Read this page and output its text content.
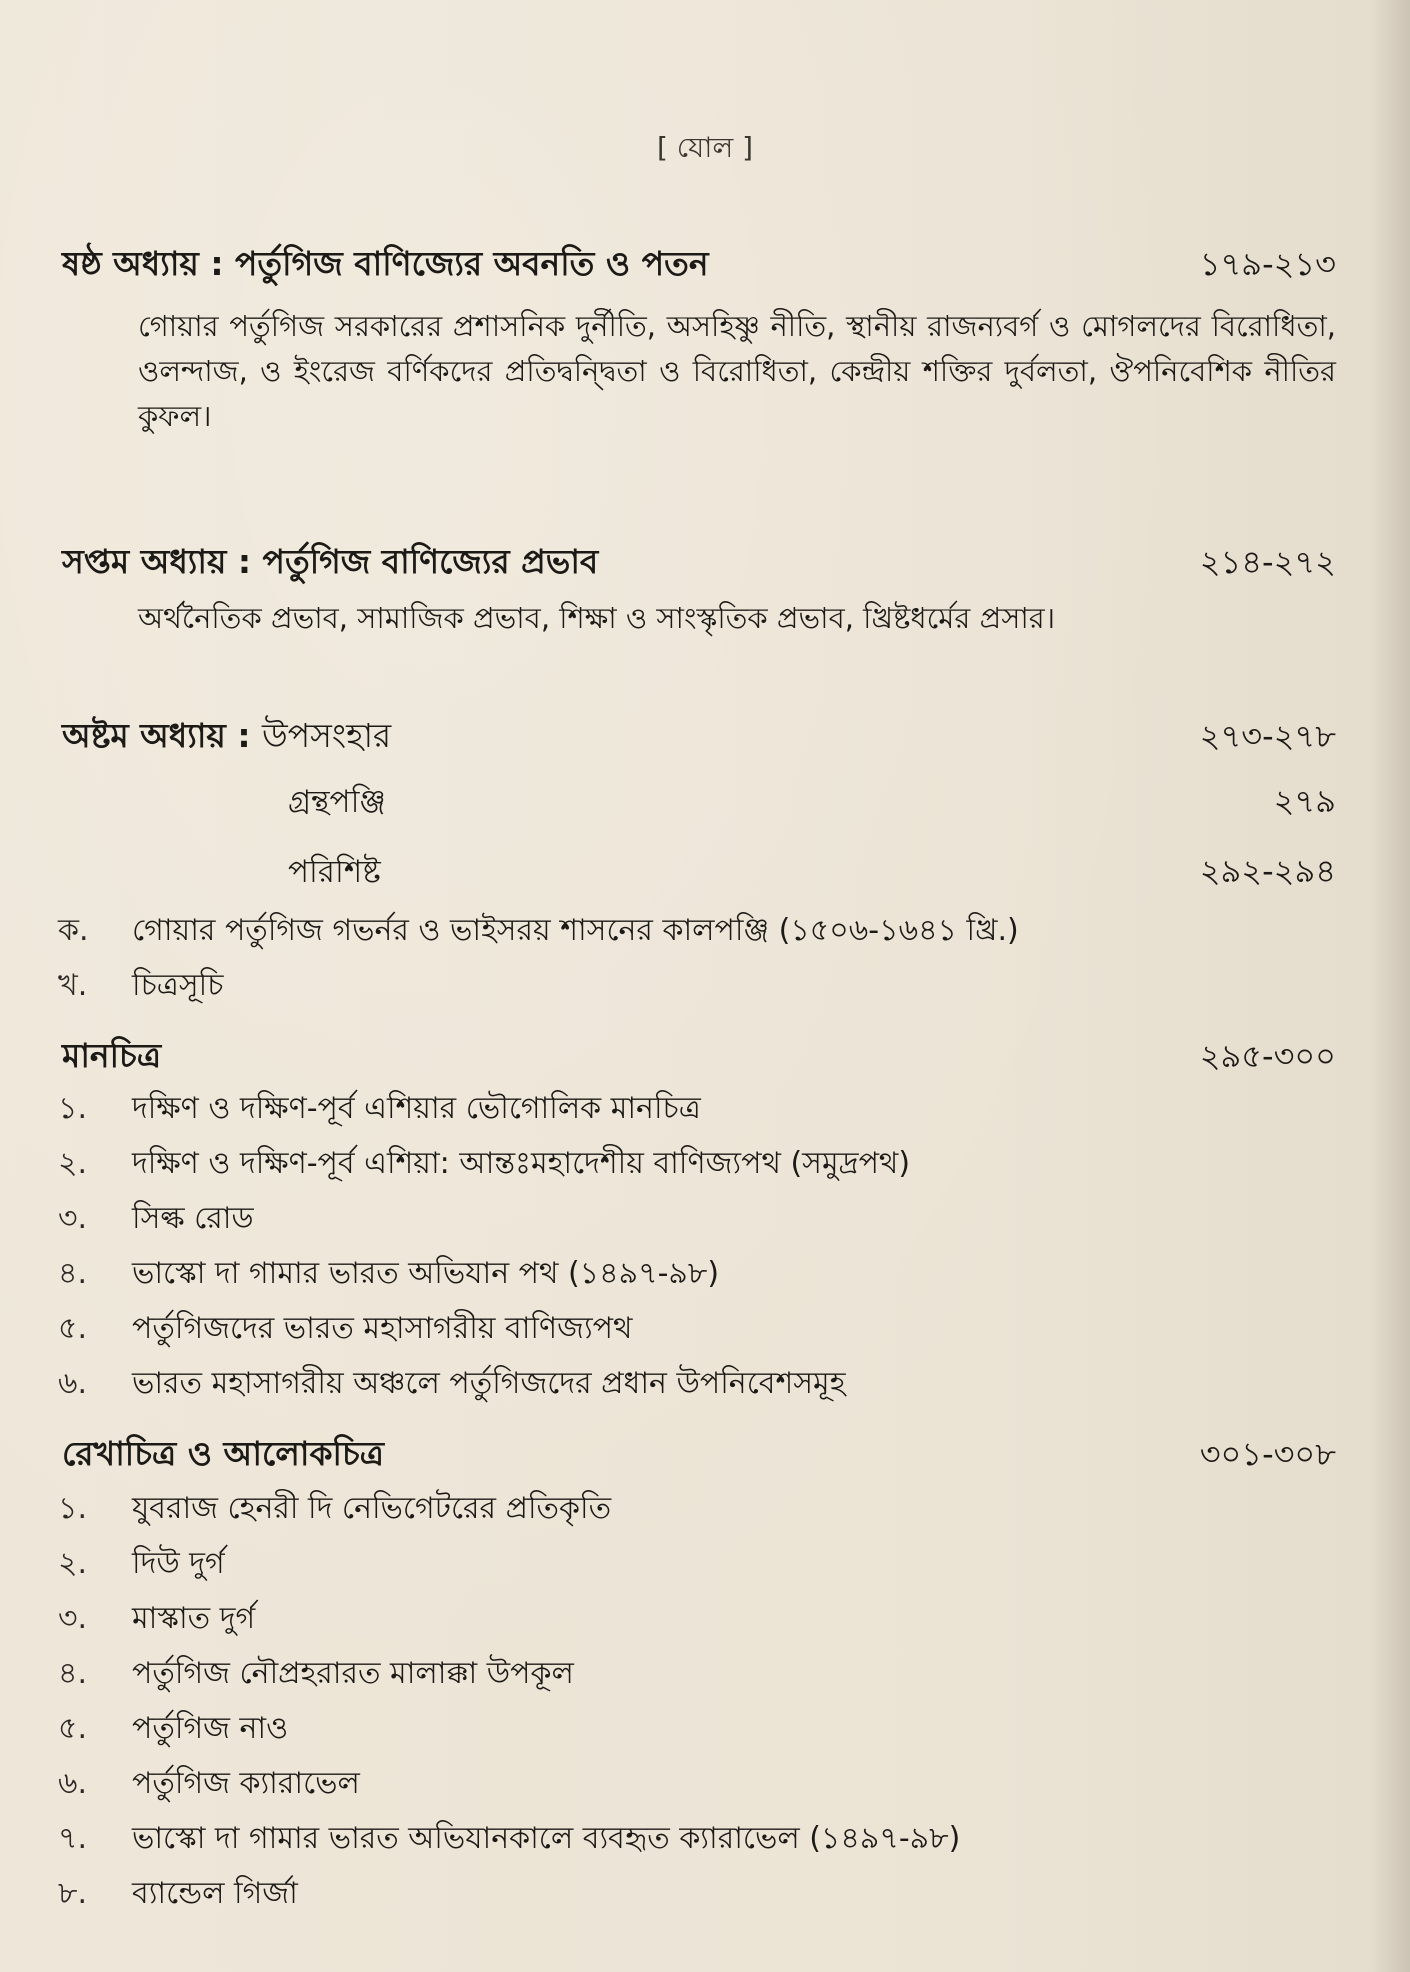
[ যোল ]
ষষ্ঠ অধ্যায় : পর্তুগিজ বাণিজ্যের অবনতি ও পতন	১৭৯-২১৩
গোয়ার পর্তুগিজ সরকারের প্রশাসনিক দুর্নীতি, অসহিষ্ণু নীতি, স্থানীয় রাজন্যবর্গ ও মোগলদের বিরোধিতা, ওলন্দাজ, ও ইংরেজ বর্ণিকদের প্রতিদ্বন্দ্বিতা ও বিরোধিতা, কেন্দ্রীয় শক্তির দুর্বলতা, ঔপনিবেশিক নীতির কুফল।
সপ্তম অধ্যায় : পর্তুগিজ বাণিজ্যের প্রভাব	২১৪-২৭২
অর্থনৈতিক প্রভাব, সামাজিক প্রভাব, শিক্ষা ও সাংস্কৃতিক প্রভাব, খ্রিষ্টধর্মের প্রসার।
অষ্টম অধ্যায় : উপসংহার	২৭৩-২৭৮
গ্রন্থপঞ্জি	২৭৯
পরিশিষ্ট	২৯২-২৯৪
ক.	গোয়ার পর্তুগিজ গভর্নর ও ভাইসরয় শাসনের কালপঞ্জি (১৫০৬-১৬৪১ খ্রি.)
খ.	চিত্রসূচি
মানচিত্র	২৯৫-৩০০
১.	দক্ষিণ ও দক্ষিণ-পূর্ব এশিয়ার ভৌগোলিক মানচিত্র
২.	দক্ষিণ ও দক্ষিণ-পূর্ব এশিয়া: আন্তঃমহাদেশীয় বাণিজ্যপথ (সমুদ্রপথ)
৩.	সিল্ক রোড
৪.	ভাস্কো দা গামার ভারত অভিযান পথ (১৪৯৭-৯৮)
৫.	পর্তুগিজদের ভারত মহাসাগরীয় বাণিজ্যপথ
৬.	ভারত মহাসাগরীয় অঞ্চলে পর্তুগিজদের প্রধান উপনিবেশসমূহ
রেখাচিত্র ও আলোকচিত্র	৩০১-৩০৮
১.	যুবরাজ হেনরী দি নেভিগেটরের প্রতিকৃতি
২.	দিউ দুর্গ
৩.	মাস্কাত দুর্গ
৪.	পর্তুগিজ নৌপ্রহরারত মালাক্কা উপকূল
৫.	পর্তুগিজ নাও
৬.	পর্তুগিজ ক্যারাভেল
৭.	ভাস্কো দা গামার ভারত অভিযানকালে ব্যবহৃত ক্যারাভেল (১৪৯৭-৯৮)
৮.	ব্যান্ডেল গির্জা
